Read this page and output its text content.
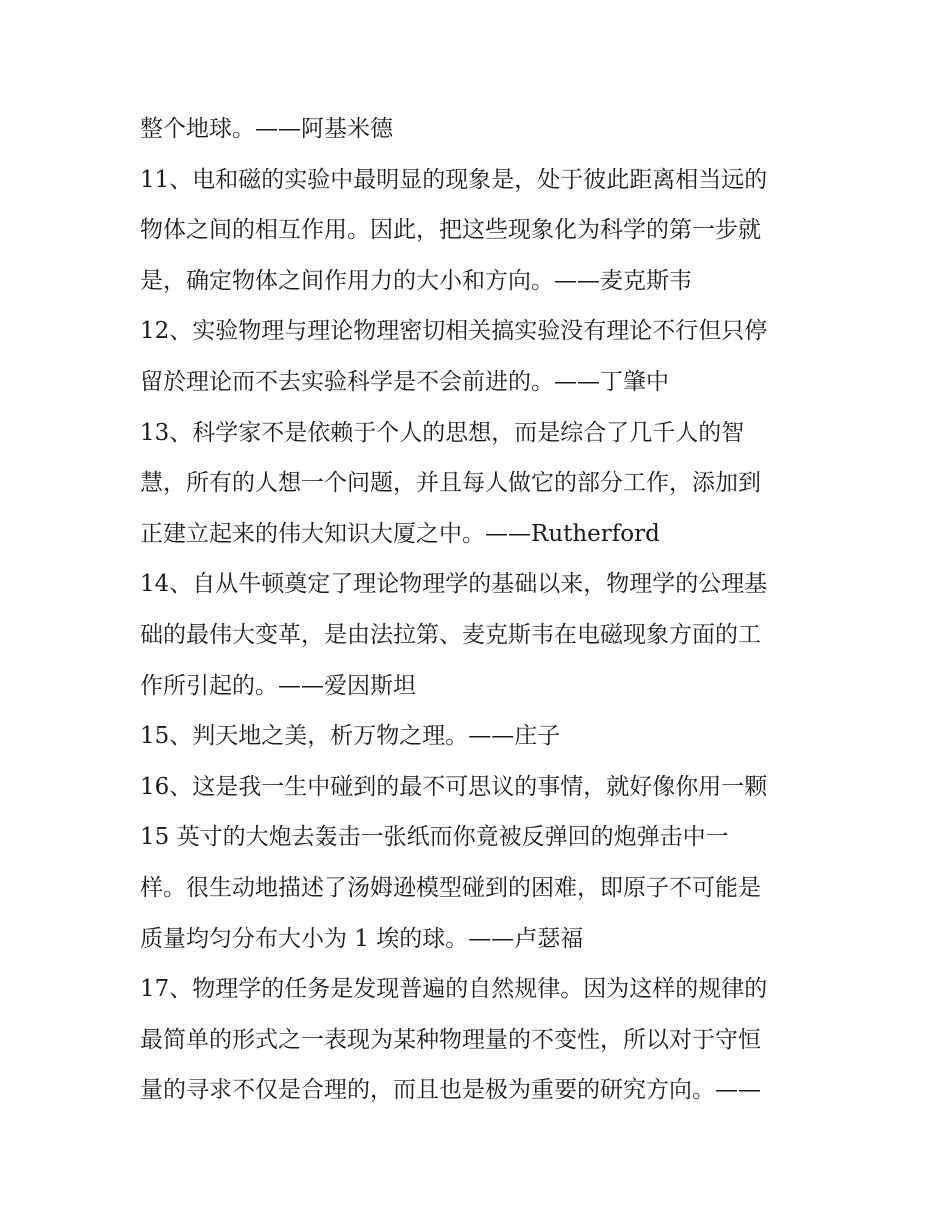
整个地球。——阿基米德
11、电和磁的实验中最明显的现象是，处于彼此距离相当远的
物体之间的相互作用。因此，把这些现象化为科学的第一步就
是，确定物体之间作用力的大小和方向。——麦克斯韦
12、实验物理与理论物理密切相关搞实验没有理论不行但只停
留於理论而不去实验科学是不会前进的。——丁肇中
13、科学家不是依赖于个人的思想，而是综合了几千人的智
慧，所有的人想一个问题，并且每人做它的部分工作，添加到
正建立起来的伟大知识大厦之中。——Rutherford
14、自从牛顿奠定了理论物理学的基础以来，物理学的公理基
础的最伟大变革，是由法拉第、麦克斯韦在电磁现象方面的工
作所引起的。——爱因斯坦
15、判天地之美，析万物之理。——庄子
16、这是我一生中碰到的最不可思议的事情，就好像你用一颗
15 英寸的大炮去轰击一张纸而你竟被反弹回的炮弹击中一
样。很生动地描述了汤姆逊模型碰到的困难，即原子不可能是
质量均匀分布大小为 1 埃的球。——卢瑟福
17、物理学的任务是发现普遍的自然规律。因为这样的规律的
最简单的形式之一表现为某种物理量的不变性，所以对于守恒
量的寻求不仅是合理的，而且也是极为重要的研究方向。——
